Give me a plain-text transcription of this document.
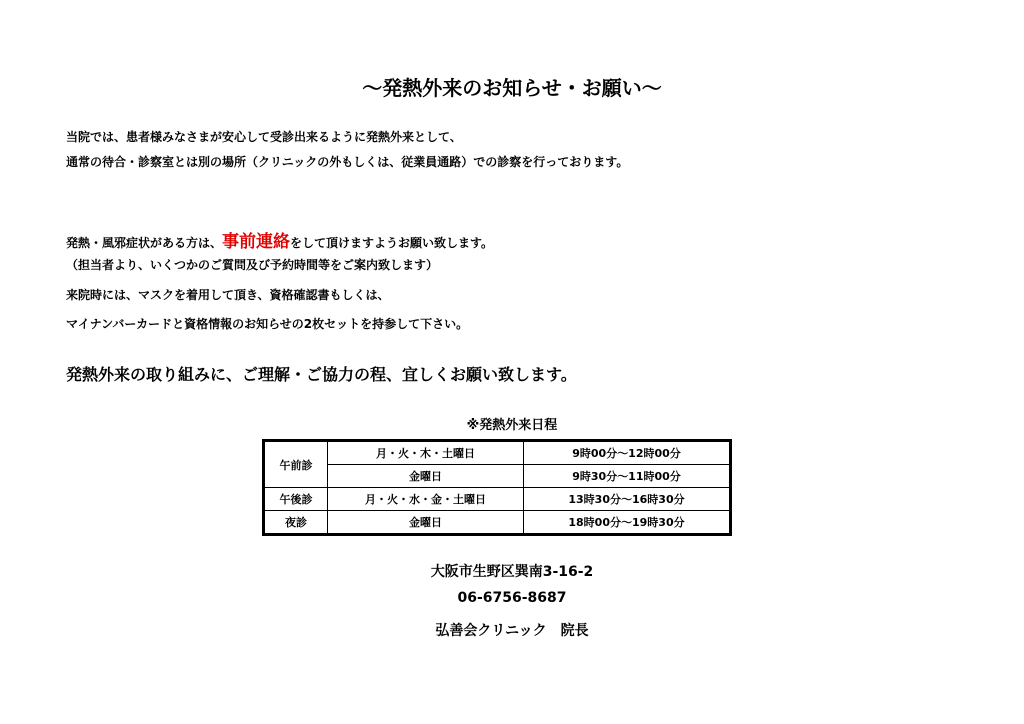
～発熱外来のお知らせ・お願い～
当院では、患者様みなさまが安心して受診出来るように発熱外来として、
通常の待合・診察室とは別の場所（クリニックの外もしくは、従業員通路）での診察を行っております。
発熱・風邪症状がある方は、事前連絡をして頂けますようお願い致します。
（担当者より、いくつかのご質問及び予約時間等をご案内致します）
来院時には、マスクを着用して頂き、資格確認書もしくは、
マイナンバーカードと資格情報のお知らせの2枚セットを持参して下さい。
発熱外来の取り組みに、ご理解・ご協力の程、宜しくお願い致します。
※発熱外来日程
午前診	月・火・木・土曜日	9時00分～12時00分
	金曜日	9時30分～11時00分
午後診	月・火・水・金・土曜日	13時30分～16時30分
夜診	金曜日	18時00分～19時30分
大阪市生野区巽南3-16-2
06-6756-8687
弘善会クリニック　院長
